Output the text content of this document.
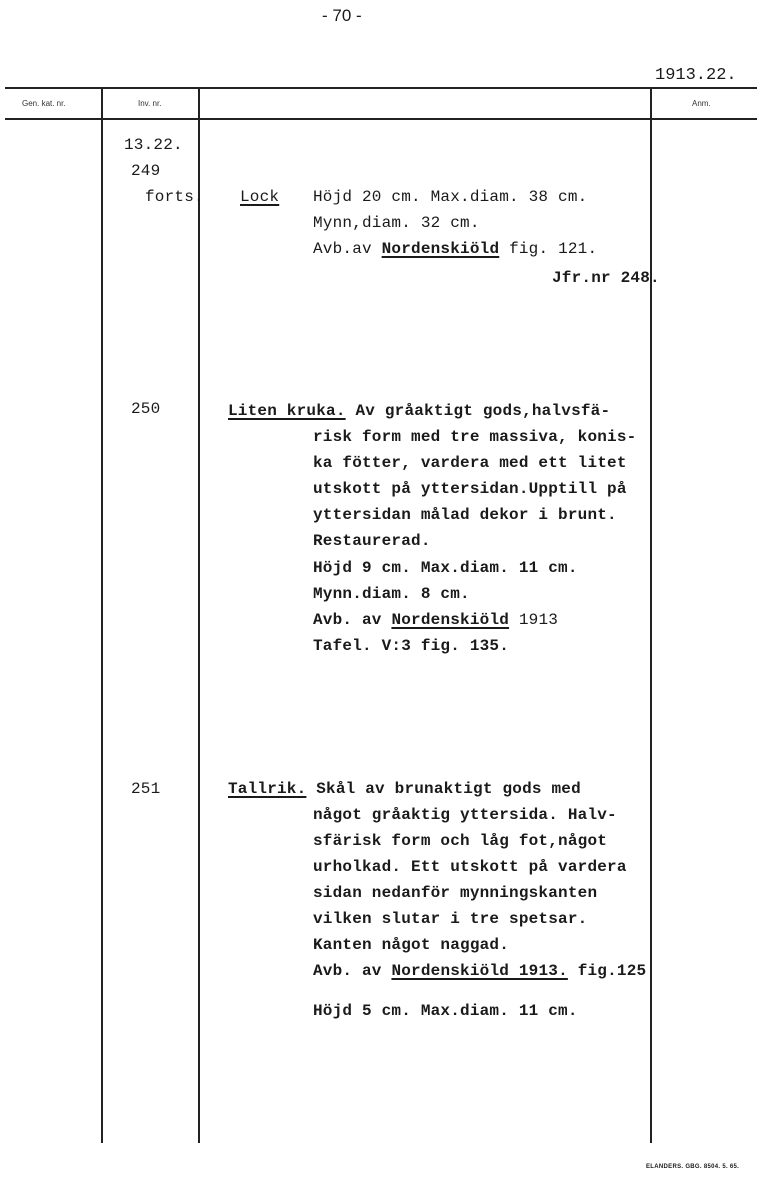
- 70 -
1913.22.
Gen. kat. nr.	Inv. nr.	Anm.
13.22.
249
forts. Lock Höjd 20 cm. Max.diam. 38 cm.
Mynn,diam. 32 cm.
Avb.av Nordenskiöld fig. 121.
Jfr.nr 248.
250	Liten kruka. Av gråaktigt gods,halvsfä-
risk form med tre massiva, konis-
ka fötter, vardera med ett litet
utskott på yttersidan.Upptill på
yttersidan målad dekor i brunt.
Restaurerad.
Höjd 9 cm. Max.diam. 11 cm.
Mynn.diam. 8 cm.
Avb. av Nordenskiöld 1913
Tafel. V:3 fig. 135.
251	Tallrik. Skål av brunaktigt gods med
något gråaktig yttersida. Halv-
sfärisk form och låg fot,något
urholkad. Ett utskott på vardera
sidan nedanför mynningskanten
vilken slutar i tre spetsar.
Kanten något naggad.
Avb. av Nordenskiöld 1913. fig.125
Höjd 5 cm. Max.diam. 11 cm.
ELANDERS. GBG. 8504. 5. 65.
